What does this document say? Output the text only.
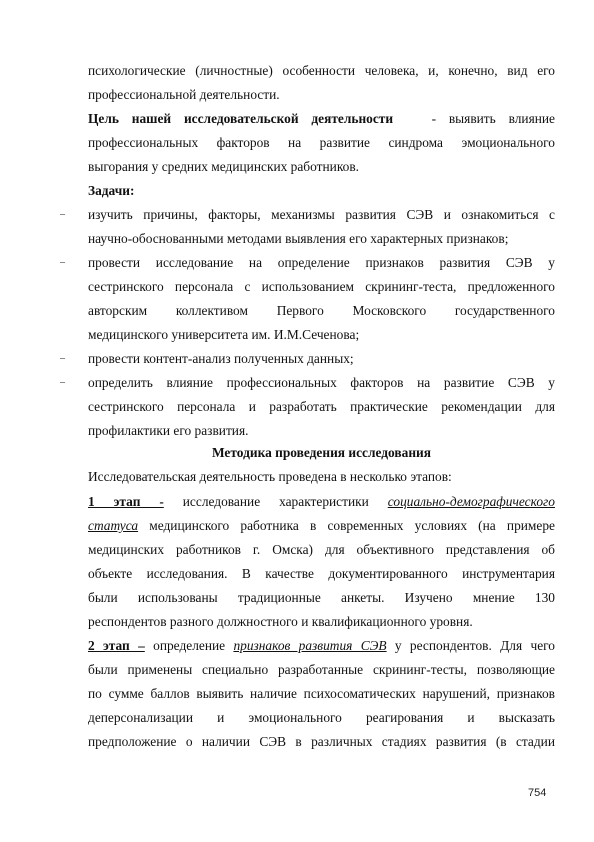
психологические (личностные) особенности человека, и, конечно, вид его
профессиональной деятельности.
Цель нашей исследовательской деятельности	- выявить влияние
профессиональных факторов на развитие синдрома эмоционального
выгорания у средних медицинских работников.
Задачи:
–	изучить причины, факторы, механизмы развития СЭВ и ознакомиться с
научно-обоснованными методами выявления его характерных признаков;
–	провести исследование на определение признаков развития СЭВ у
сестринского персонала с использованием скрининг-теста, предложенного
авторским коллективом Первого Московского государственного
медицинского университета им. И.М.Сеченова;
–	провести контент-анализ полученных данных;
–	определить влияние профессиональных факторов на развитие СЭВ у
сестринского персонала и разработать практические рекомендации для
профилактики его развития.
Методика проведения исследования
Исследовательская деятельность проведена в несколько этапов:
1 этап - исследование характеристики социально-демографического
статуса медицинского работника в современных условиях (на примере
медицинских работников г. Омска) для объективного представления об
объекте исследования. В качестве документированного инструментария
были использованы традиционные анкеты. Изучено мнение 130
респондентов разного должностного и квалификационного уровня.
2 этап – определение признаков развития СЭВ у респондентов. Для чего
были применены специально разработанные скрининг-тесты, позволяющие
по сумме баллов выявить наличие психосоматических нарушений, признаков
деперсонализации и эмоционального реагирования и высказать
предположение о наличии СЭВ в различных стадиях развития (в стадии
754
